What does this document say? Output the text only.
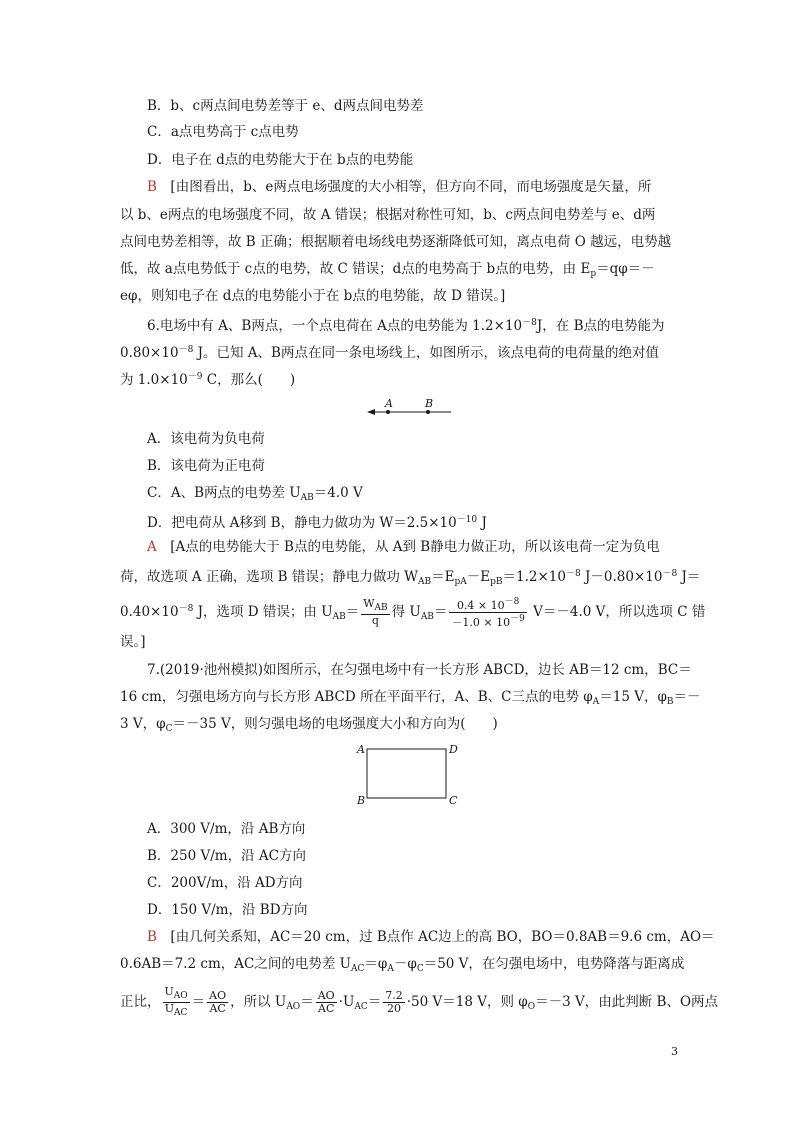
B．b、c两点间电势差等于 e、d两点间电势差
C．a点电势高于 c点电势
D．电子在 d点的电势能大于在 b点的电势能
B　 [由图看出，b、e两点电场强度的大小相等，但方向不同，而电场强度是矢量，所
以 b、e两点的电场强度不同，故 A 错误；根据对称性可知，b、c两点间电势差与 e、d两
点间电势差相等，故 B 正确；根据顺着电场线电势逐渐降低可知，离点电荷 O 越远，电势越
低，故 a点电势低于 c点的电势，故 C 错误；d点的电势高于 b点的电势，由 $E_p=q\varphi=-$
eφ，则知电子在 d点的电势能小于在 b点的电势能，故 D 错误。]
6.电场中有 A、B两点，一个点电荷在 A点的电势能为 $1.2\times 10^{-8}J$，在 B点的电势能为
$0.80\times 10^{-8}$ J。已知 A、B两点在同一条电场线上，如图所示，该点电荷的电荷量的绝对值
为 $1.0\times 10^{-9}$ C，那么(　　)
A	B
A．该电荷为负电荷
B．该电荷为正电荷
C．A、B两点的电势差 $U_{AB}=4.0$ V
D．把电荷从 A移到 B，静电力做功为 $W=2.5\times 10^{-10}$ J
A　 [A点的电势能大于 B点的电势能，从 A到 B静电力做正功，所以该电荷一定为负电
荷，故选项 A 正确，选项 B 错误；静电力做功 $W_{AB}=E_{pA}-E_{pB}=1.2\times 10^{-8}$ $J-0.80\times 10^{-8}$ J＝
$0.40\times 10^{-8}$ J，选项 D 错误；由 $U_{AB}= \frac{W_{AB}}{q}$ 得 $U_{AB}= \frac{0.4 \times 10^{-8}}{-1.0 \times 10^{-9}} V=-4.0$ V，所以选项 C 错
误。]
7.(2019·池州模拟)如图所示，在匀强电场中有一长方形 ABCD，边长 AB＝12 cm，BC＝
16 cm，匀强电场方向与长方形 ABCD 所在平面平行，A、B、C三点的电势 $\varphi_A=15$ V，$\varphi_B=-$
3 V，$\varphi_C=-35$ V，则匀强电场的电场强度大小和方向为(　　)
A
B	C
D
A．300 V/m，沿 AB方向
B．250 V/m，沿 AC方向
C．200V/m，沿 AD方向
D．150 V/m，沿 BD方向
B　 [由几何关系知，AC＝20 cm，过 B点作 AC边上的高 BO，BO＝0.8AB＝9.6 cm，AO＝
0.6AB＝7.2 cm，AC之间的电势差 $U_{AC}=\varphi_A-\varphi_C=50$ V，在匀强电场中，电势降落与距离成
正比， $\frac{U_{AO}}{U_{AC}} = \frac{AO}{AC}$ ，所以 $U_{AO}= \frac{AO}{AC} \cdot U_{AC}= \frac{7.2}{20} \cdot 50$ V＝18 V，则 $\varphi_O=-3$ V，由此判断 B、O两点
3
